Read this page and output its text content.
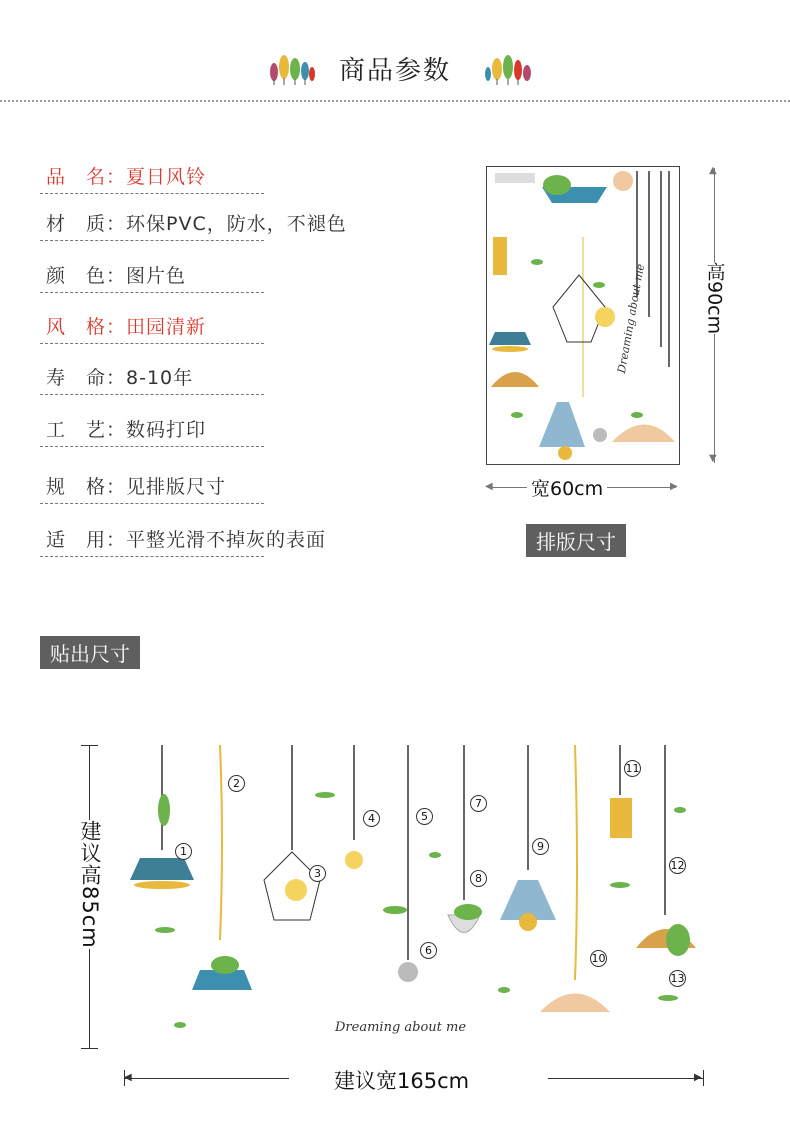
商品参数
品　名：夏日风铃
材　质：环保PVC，防水，不褪色
颜　色：图片色
风　格：田园清新
寿　命：8-10年
工　艺：数码打印
规　格：见排版尺寸
适　用：平整光滑不掉灰的表面
Dreaming about me
▲
▼
高90cm
◀	▶
宽60cm
排版尺寸
贴出尺寸
建议高85cm
◀	▶
建议宽165cm
1
2
3
4	5
6
7
8
9
10
11
12
13
Dreaming about me
